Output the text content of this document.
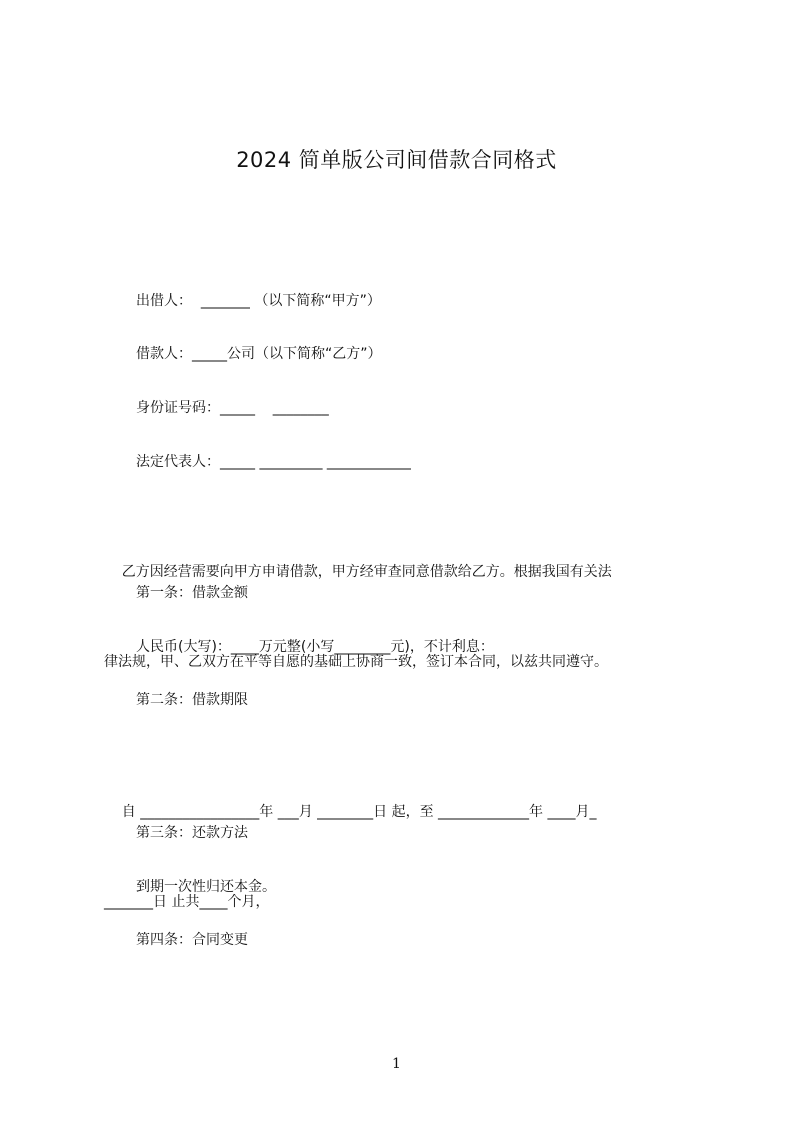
2024 简单版公司间借款合同格式
出借人：  _______ （以下简称“甲方”）
借款人：_____公司（以下简称“乙方”）
身份证号码：_____    ________
法定代表人：_____ _________ ____________

乙方因经营需要向甲方申请借款，甲方经审查同意借款给乙方。根据我国有关法

律法规，甲、乙双方在平等自愿的基础上协商一致，签订本合同，以兹共同遵守。

第一条：借款金额
人民币(大写)：____万元整(小写________元)，不计利息：
第二条：借款期限

自 _________________年 ___月 ________日 起，至 _____________年 ____月_

_______日 止共____个月，

第三条：还款方法
到期一次性归还本金。
第四条：合同变更
1
